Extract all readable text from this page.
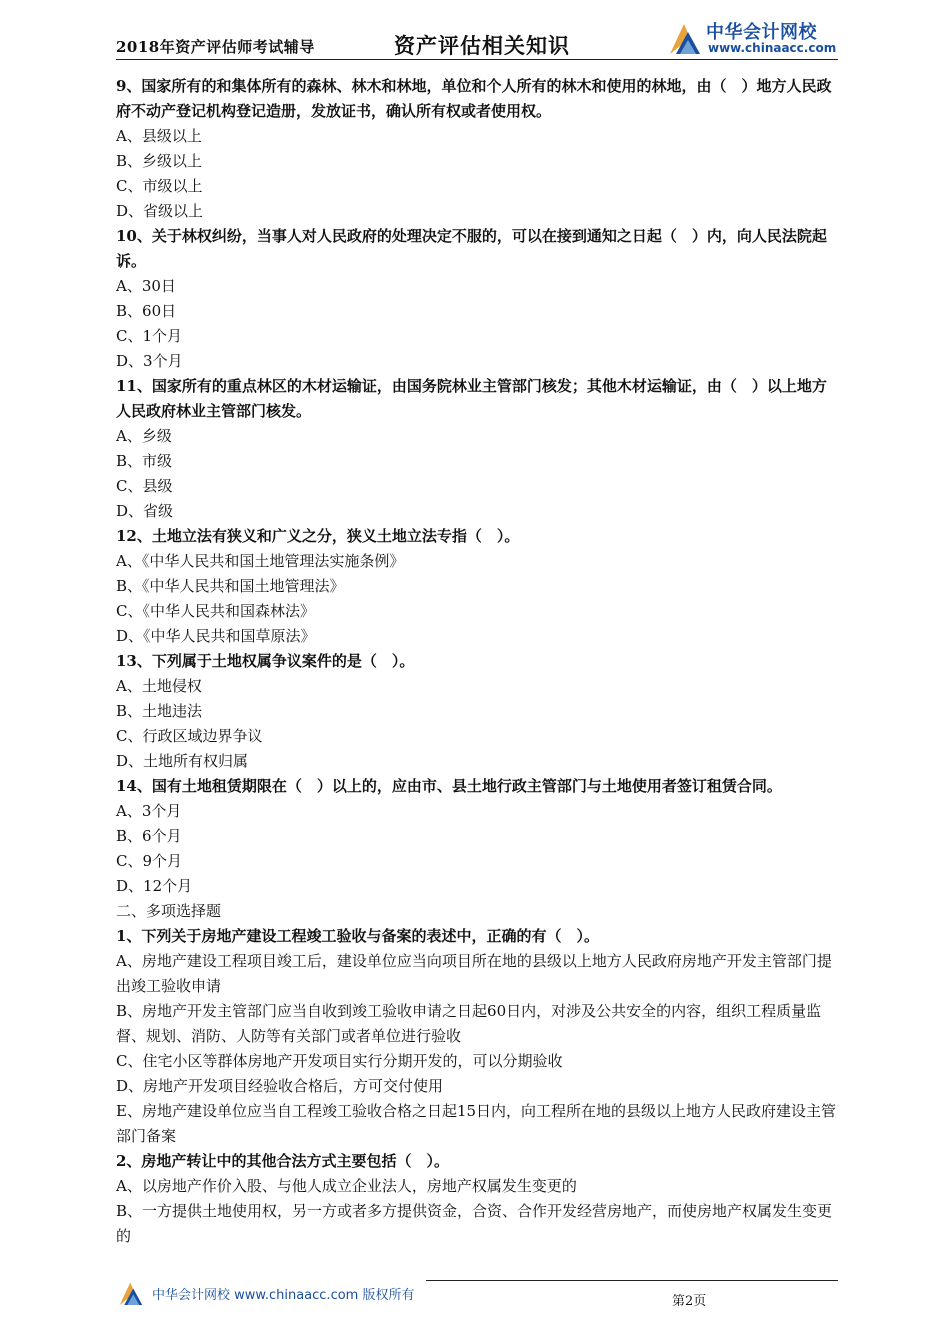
2018年资产评估师考试辅导	资产评估相关知识
中华会计网校
www.chinaacc.com
9、国家所有的和集体所有的森林、林木和林地，单位和个人所有的林木和使用的林地，由（　）地方人民政府不动产登记机构登记造册，发放证书，确认所有权或者使用权。
A、县级以上
B、乡级以上
C、市级以上
D、省级以上
10、关于林权纠纷，当事人对人民政府的处理决定不服的，可以在接到通知之日起（　）内，向人民法院起诉。
A、30日
B、60日
C、1个月
D、3个月
11、国家所有的重点林区的木材运输证，由国务院林业主管部门核发；其他木材运输证，由（　）以上地方人民政府林业主管部门核发。
A、乡级
B、市级
C、县级
D、省级
12、土地立法有狭义和广义之分，狭义土地立法专指（　）。
A、《中华人民共和国土地管理法实施条例》
B、《中华人民共和国土地管理法》
C、《中华人民共和国森林法》
D、《中华人民共和国草原法》
13、下列属于土地权属争议案件的是（　）。
A、土地侵权
B、土地违法
C、行政区域边界争议
D、土地所有权归属
14、国有土地租赁期限在（　）以上的，应由市、县土地行政主管部门与土地使用者签订租赁合同。
A、3个月
B、6个月
C、9个月
D、12个月
二、多项选择题
1、下列关于房地产建设工程竣工验收与备案的表述中，正确的有（　）。
A、房地产建设工程项目竣工后，建设单位应当向项目所在地的县级以上地方人民政府房地产开发主管部门提出竣工验收申请
B、房地产开发主管部门应当自收到竣工验收申请之日起60日内，对涉及公共安全的内容，组织工程质量监督、规划、消防、人防等有关部门或者单位进行验收
C、住宅小区等群体房地产开发项目实行分期开发的，可以分期验收
D、房地产开发项目经验收合格后，方可交付使用
E、房地产建设单位应当自工程竣工验收合格之日起15日内，向工程所在地的县级以上地方人民政府建设主管部门备案
2、房地产转让中的其他合法方式主要包括（　）。
A、以房地产作价入股、与他人成立企业法人，房地产权属发生变更的
B、一方提供土地使用权，另一方或者多方提供资金，合资、合作开发经营房地产，而使房地产权属发生变更的
中华会计网校 www.chinaacc.com 版权所有	第2页
